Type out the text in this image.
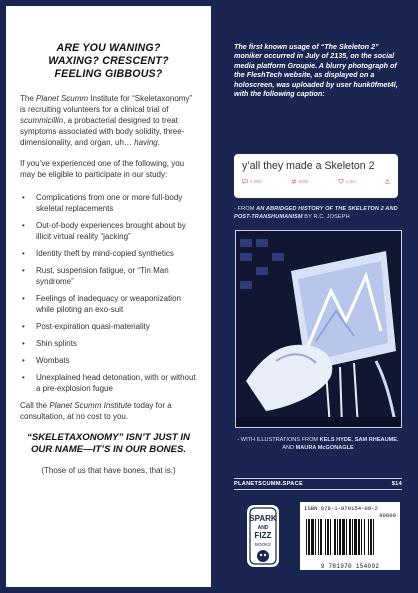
ARE YOU WANING?
WAXING? CRESCENT?
FEELING GIBBOUS?

The Planet Scumm Institute for “Skeletaxonomy” is recruiting volunteers for a clinical trial of scummicillin, a probacterial designed to treat symptoms associated with body solidity, three-dimensionality, and organ, uh… having.

If you’ve experienced one of the following, you may be eligible to participate in our study:

• Complications from one or more full-body skeletal replacements
• Out-of-body experiences brought about by illicit virtual reality “jacking”
• Identity theft by mind-copied synthetics
• Rust, suspension fatigue, or “Tin Man syndrome”
• Feelings of inadequacy or weaponization while piloting an exo-suit
• Post-expiration quasi-materiality
• Shin splints
• Wombats
• Unexplained head detonation, with or without a pre-explosion fugue

Call the Planet Scumm Institute today for a consultation, at no cost to you.

“SKELETAXONOMY” ISN’T JUST IN
OUR NAME—IT’S IN OUR BONES.

(Those of us that have bones, that is.)

The first known usage of “The Skeleton 2” moniker occurred in July of 2135, on the social media platform Groupie. A blurry photograph of the FleshTech website, as displayed on a holoscreen, was uploaded by user hunk0fmet4l, with the following caption:

y’all they made a Skeleton 2
2,000	600k	1.5m

- FROM AN ABRIDGED HISTORY OF THE SKELETON 2 AND POST-TRANSHUMANISM BY R.C. JOSEPH

- WITH ILLUSTRATIONS FROM KELS HYDE, SAM RHEAUME, AND MAURA McGONAGLE

PLANETSCUMM.SPACE	$14
SPARK
AND
FIZZ
BOOKS
ISBN 978-1-970154-09-2
90000
9 781970 154092
